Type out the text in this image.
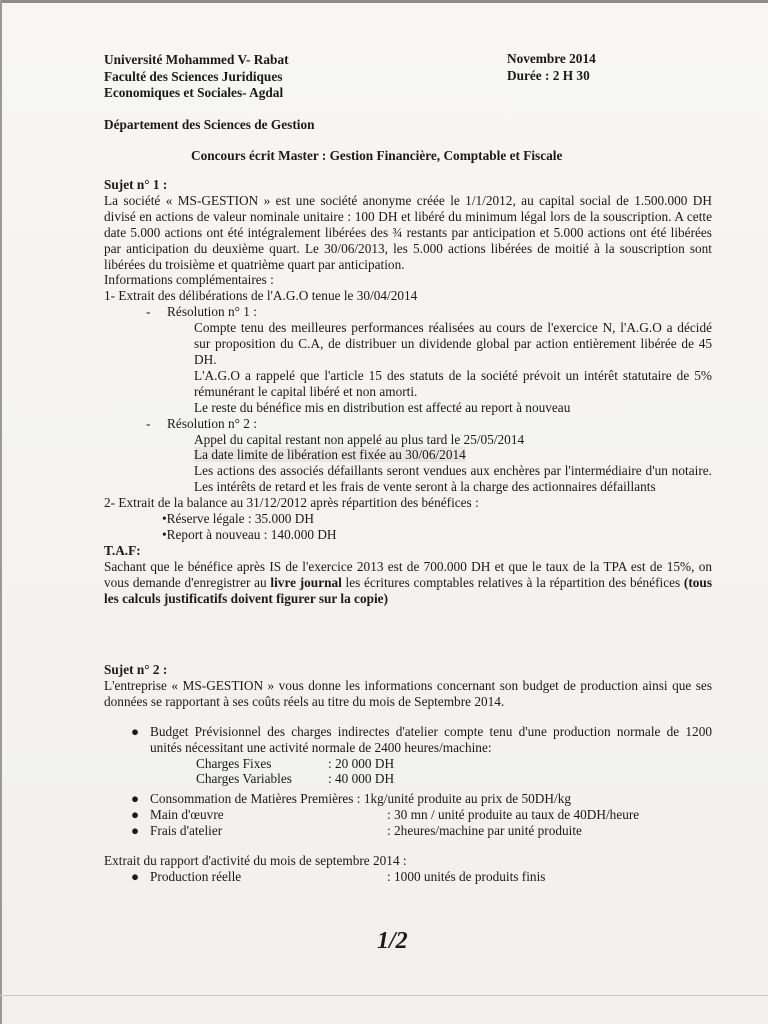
Université Mohammed V- Rabat
Faculté des Sciences Juridiques
Economiques et Sociales- Agdal
Novembre 2014
Durée : 2 H 30
Département des Sciences de Gestion
Concours écrit Master : Gestion Financière, Comptable et Fiscale
Sujet n° 1 :
La société « MS-GESTION » est une société anonyme créée le 1/1/2012, au capital social de 1.500.000 DH divisé en actions de valeur nominale unitaire : 100 DH et libéré du minimum légal lors de la souscription. A cette date 5.000 actions ont été intégralement libérées des ¾ restants par anticipation et 5.000 actions ont été libérées par anticipation du deuxième quart. Le 30/06/2013, les 5.000 actions libérées de moitié à la souscription sont libérées du troisième et quatrième quart par anticipation.
Informations complémentaires :
1- Extrait des délibérations de l'A.G.O tenue le 30/04/2014
-     Résolution n° 1 :
Compte tenu des meilleures performances réalisées au cours de l'exercice N, l'A.G.O a décidé sur proposition du C.A, de distribuer un dividende global par action entièrement libérée de 45 DH.
L'A.G.O a rappelé que l'article 15 des statuts de la société prévoit un intérêt statutaire de 5% rémunérant le capital libéré et non amorti.
Le reste du bénéfice mis en distribution est affecté au report à nouveau
-     Résolution n° 2 :
Appel du capital restant non appelé au plus tard le 25/05/2014
La date limite de libération est fixée au 30/06/2014
Les actions des associés défaillants seront vendues aux enchères par l'intermédiaire d'un notaire. Les intérêts de retard et les frais de vente seront à la charge des actionnaires défaillants
2- Extrait de la balance au 31/12/2012 après répartition des bénéfices :
•Réserve légale : 35.000 DH
•Report à nouveau : 140.000 DH
T.A.F:
Sachant que le bénéfice après IS de l'exercice 2013 est de 700.000 DH et que le taux de la TPA est de 15%, on vous demande d'enregistrer au livre journal les écritures comptables relatives à la répartition des bénéfices (tous les calculs justificatifs doivent figurer sur la copie)
Sujet n° 2 :
L'entreprise « MS-GESTION » vous donne les informations concernant son budget de production ainsi que ses données se rapportant à ses coûts réels au titre du mois de Septembre 2014.
● Budget Prévisionnel des charges indirectes d'atelier compte tenu d'une production normale de 1200 unités nécessitant une activité normale de 2400 heures/machine:
Charges Fixes	: 20 000 DH
Charges Variables	: 40 000 DH
● Consommation de Matières Premières : 1kg/unité produite au prix de 50DH/kg
● Main d'œuvre	: 30 mn / unité produite au taux de 40DH/heure
● Frais d'atelier	: 2heures/machine par unité produite
Extrait du rapport d'activité du mois de septembre 2014 :
● Production réelle	: 1000 unités de produits finis
1/2
